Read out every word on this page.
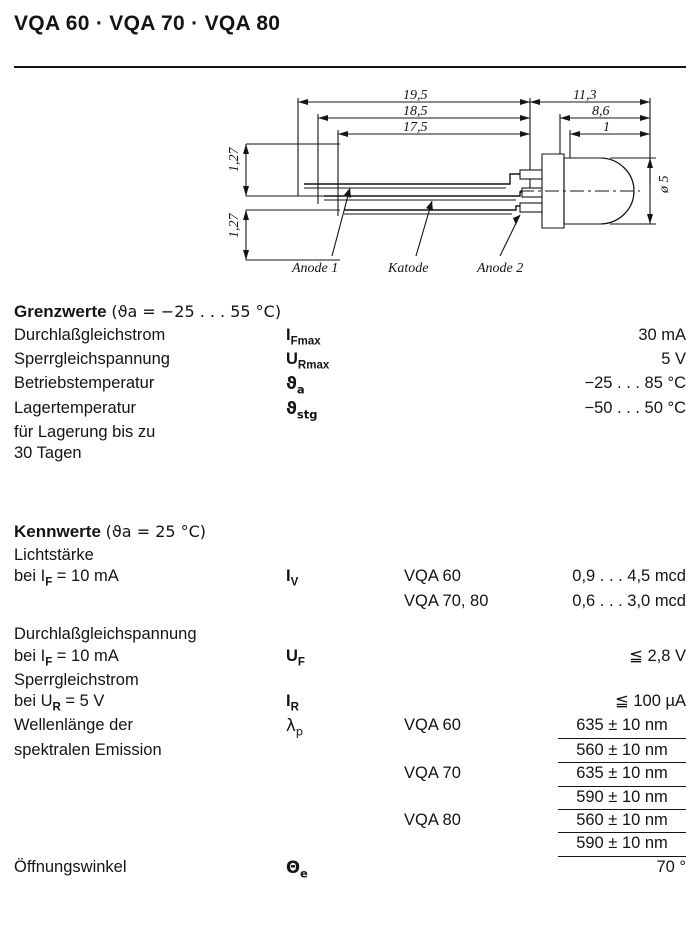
VQA 60 · VQA 70 · VQA 80
19,5
18,5
17,5
11,3
8,6
1
1,27
1,27
ø 5
Anode 1	Katode	Anode 2
Grenzwerte (ϑa = −25 . . . 55 °C)
Durchlaßgleichstrom	$I_{Fmax}$	30 mA
Sperrgleichspannung	$U_{Rmax}$	5 V
Betriebstemperatur	$ϑ_a$	−25 . . . 85 °C
Lagertemperatur	$ϑ_{stg}$	−50 . . . 50 °C
für Lagerung bis zu		
30 Tagen		
Kennwerte (ϑa = 25 °C)
Lichtstärke			
bei $I_F = 10$ mA	$I_V$	VQA 60	0,9 . . . 4,5 mcd
		VQA 70, 80	0,6 . . . 3,0 mcd

Durchlaßgleichspannung			
bei $I_F = 10$ mA	$U_F$		≦ 2,8 V
Sperrgleichstrom			
bei $U_R = 5$ V	$I_R$		≦ 100 µA
Wellenlänge der	$\lambda_p$	VQA 60	635 ± 10 nm
spektralen Emission			560 ± 10 nm
		VQA 70	635 ± 10 nm
			590 ± 10 nm
		VQA 80	560 ± 10 nm
			590 ± 10 nm
Öffnungswinkel	$\Theta_e$		70 °
